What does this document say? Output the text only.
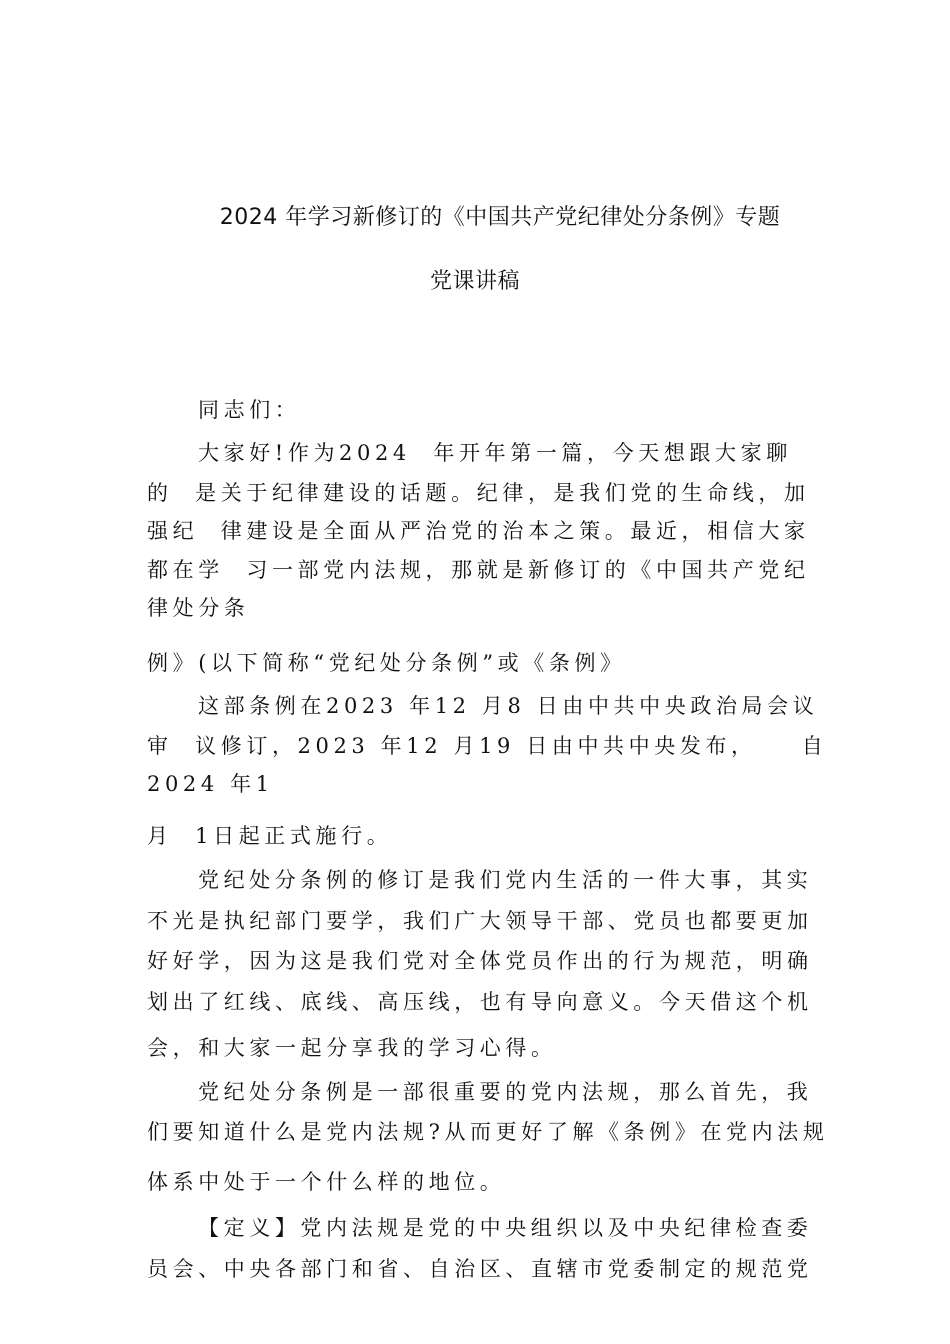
2024 年学习新修订的《中国共产党纪律处分条例》专题
党课讲稿
同志们：
大家好!作为2024  年开年第一篇，今天想跟大家聊
的  是关于纪律建设的话题。纪律，是我们党的生命线，加
强纪  律建设是全面从严治党的治本之策。最近，相信大家
都在学  习一部党内法规，那就是新修订的《中国共产党纪
律处分条
例》(以下简称“党纪处分条例”或《条例》
这部条例在2023 年12 月8 日由中共中央政治局会议
审  议修订，2023 年12 月19 日由中共中央发布，    自
2024 年1
月  1日起正式施行。
党纪处分条例的修订是我们党内生活的一件大事，其实
不光是执纪部门要学，我们广大领导干部、党员也都要更加
好好学，因为这是我们党对全体党员作出的行为规范，明确
划出了红线、底线、高压线，也有导向意义。今天借这个机
会，和大家一起分享我的学习心得。
党纪处分条例是一部很重要的党内法规，那么首先，我
们要知道什么是党内法规?从而更好了解《条例》在党内法规
体系中处于一个什么样的地位。
【定义】党内法规是党的中央组织以及中央纪律检查委
员会、中央各部门和省、自治区、直辖市党委制定的规范党
